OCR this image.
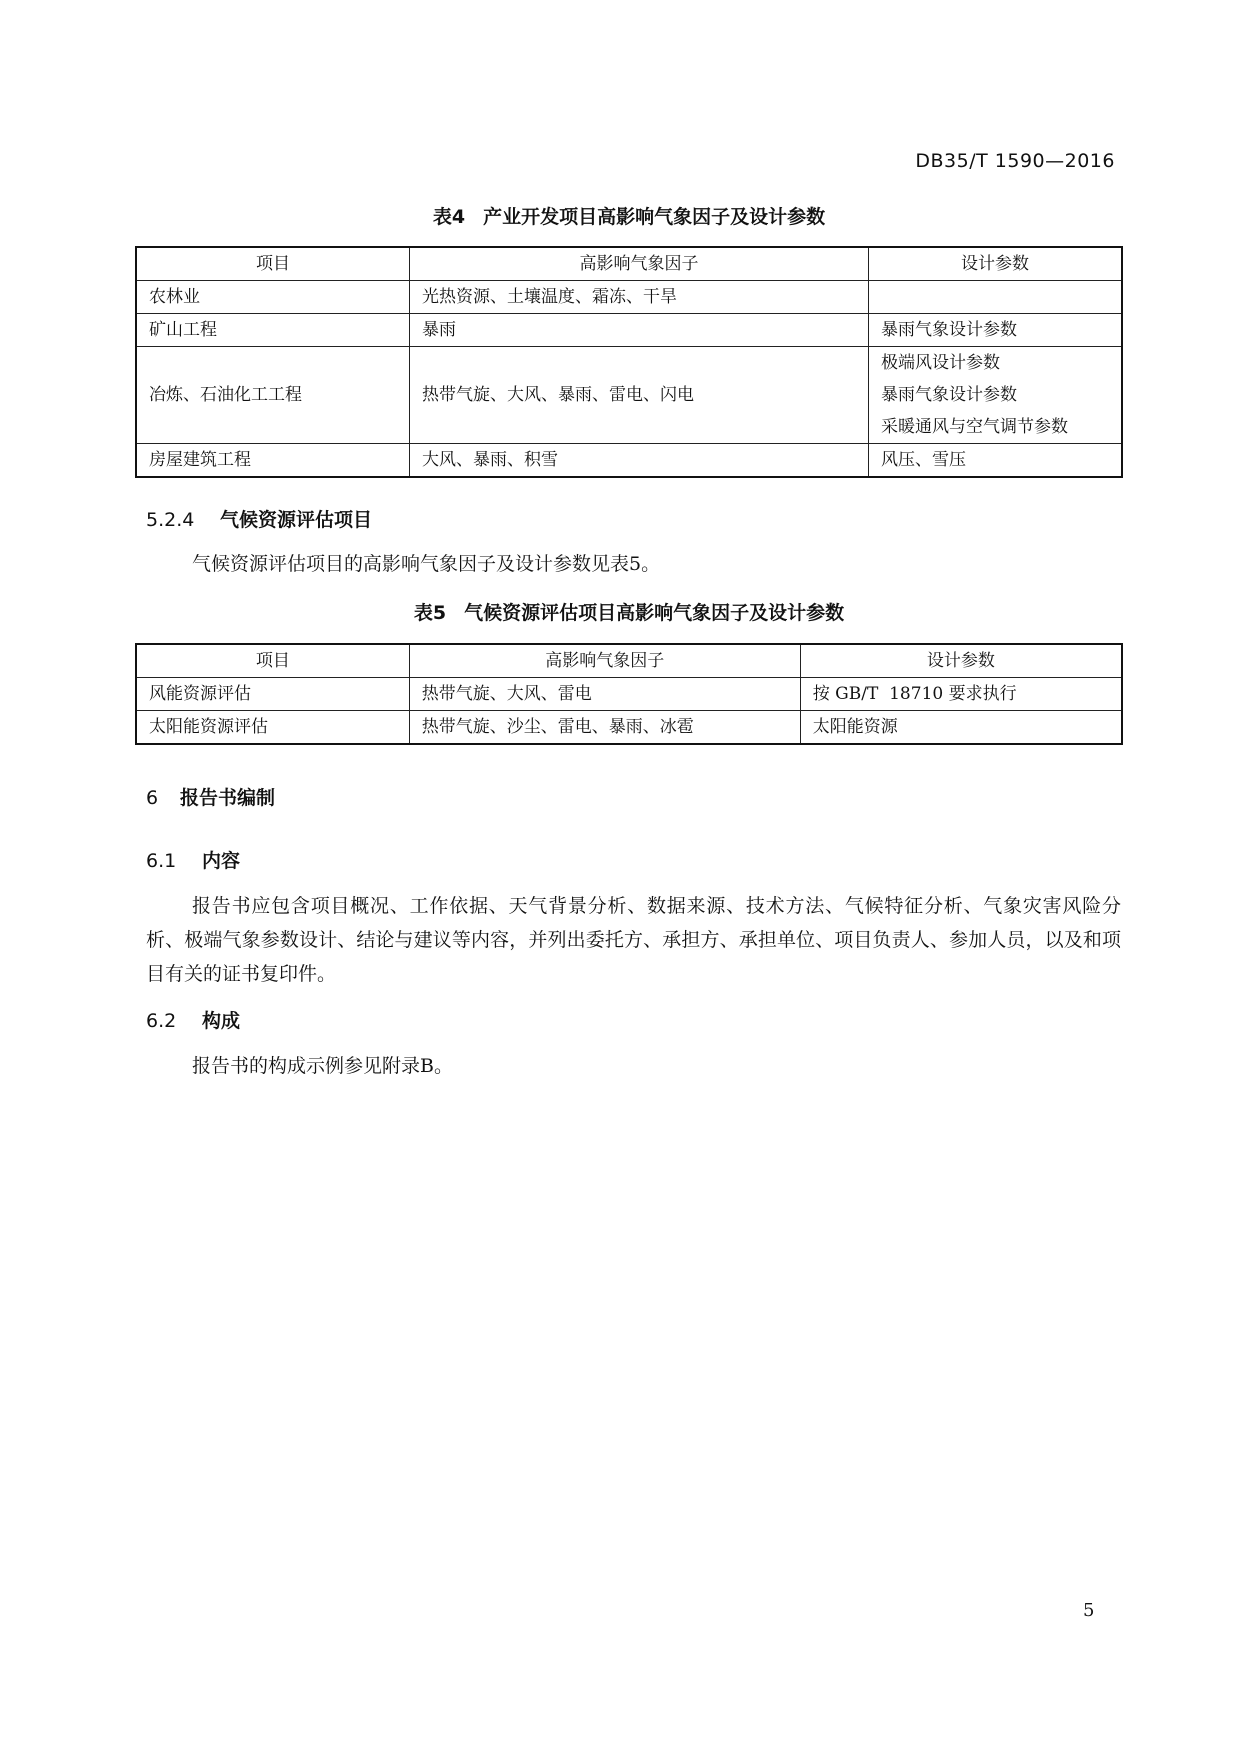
DB35/T 1590—2016
表4 产业开发项目高影响气象因子及设计参数
项目	高影响气象因子	设计参数
农林业	光热资源、土壤温度、霜冻、干旱	
矿山工程	暴雨	暴雨气象设计参数
冶炼、石油化工工程	热带气旋、大风、暴雨、雷电、闪电	极端风设计参数
暴雨气象设计参数
采暖通风与空气调节参数

房屋建筑工程	大风、暴雨、积雪	风压、雪压
5.2.4 气候资源评估项目
气候资源评估项目的高影响气象因子及设计参数见表5。
表5 气候资源评估项目高影响气象因子及设计参数
项目	高影响气象因子	设计参数
风能资源评估	热带气旋、大风、雷电	按 GB/T  18710 要求执行
太阳能资源评估	热带气旋、沙尘、雷电、暴雨、冰雹	太阳能资源
6 报告书编制
6.1 内容
报告书应包含项目概况、工作依据、天气背景分析、数据来源、技术方法、气候特征分析、气象灾害风险分析、极端气象参数设计、结论与建议等内容，并列出委托方、承担方、承担单位、项目负责人、参加人员，以及和项目有关的证书复印件。
6.2 构成
报告书的构成示例参见附录B。
5
